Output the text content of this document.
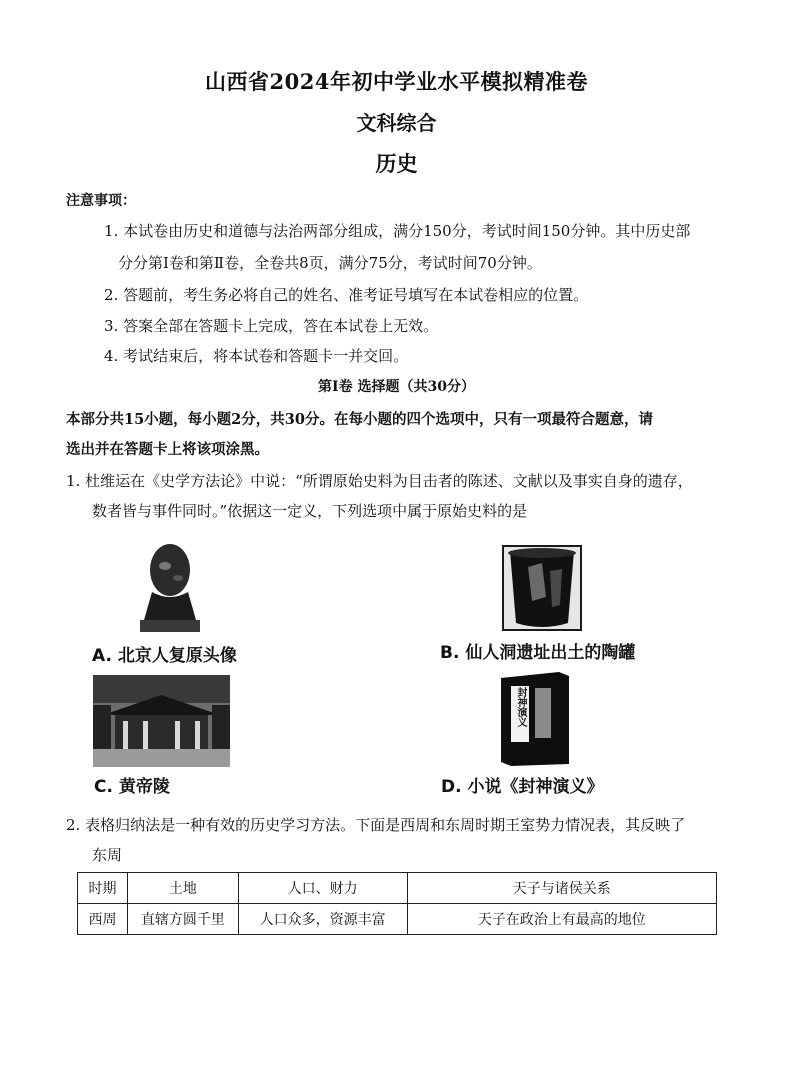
山西省2024年初中学业水平模拟精准卷
文科综合
历史
注意事项：
1. 本试卷由历史和道德与法治两部分组成，满分150分，考试时间150分钟。其中历史部
分分第Ⅰ卷和第Ⅱ卷，全卷共8页，满分75分，考试时间70分钟。
2. 答题前，考生务必将自己的姓名、准考证号填写在本试卷相应的位置。
3. 答案全部在答题卡上完成，答在本试卷上无效。
4. 考试结束后，将本试卷和答题卡一并交回。
第Ⅰ卷 选择题（共30分）
本部分共15小题，每小题2分，共30分。在每小题的四个选项中，只有一项最符合题意，请
选出并在答题卡上将该项涂黑。
1. 杜维运在《史学方法论》中说：“所谓原始史料为目击者的陈述、文献以及事实自身的遗存，
数者皆与事件同时。”依据这一定义，下列选项中属于原始史料的是
A. 北京人复原头像	B. 仙人洞遗址出土的陶罐
C. 黄帝陵
封神演义
D. 小说《封神演义》
2. 表格归纳法是一种有效的历史学习方法。下面是西周和东周时期王室势力情况表，其反映了
东周
时期	土地	人口、财力	天子与诸侯关系
西周	直辖方圆千里	人口众多，资源丰富	天子在政治上有最高的地位
